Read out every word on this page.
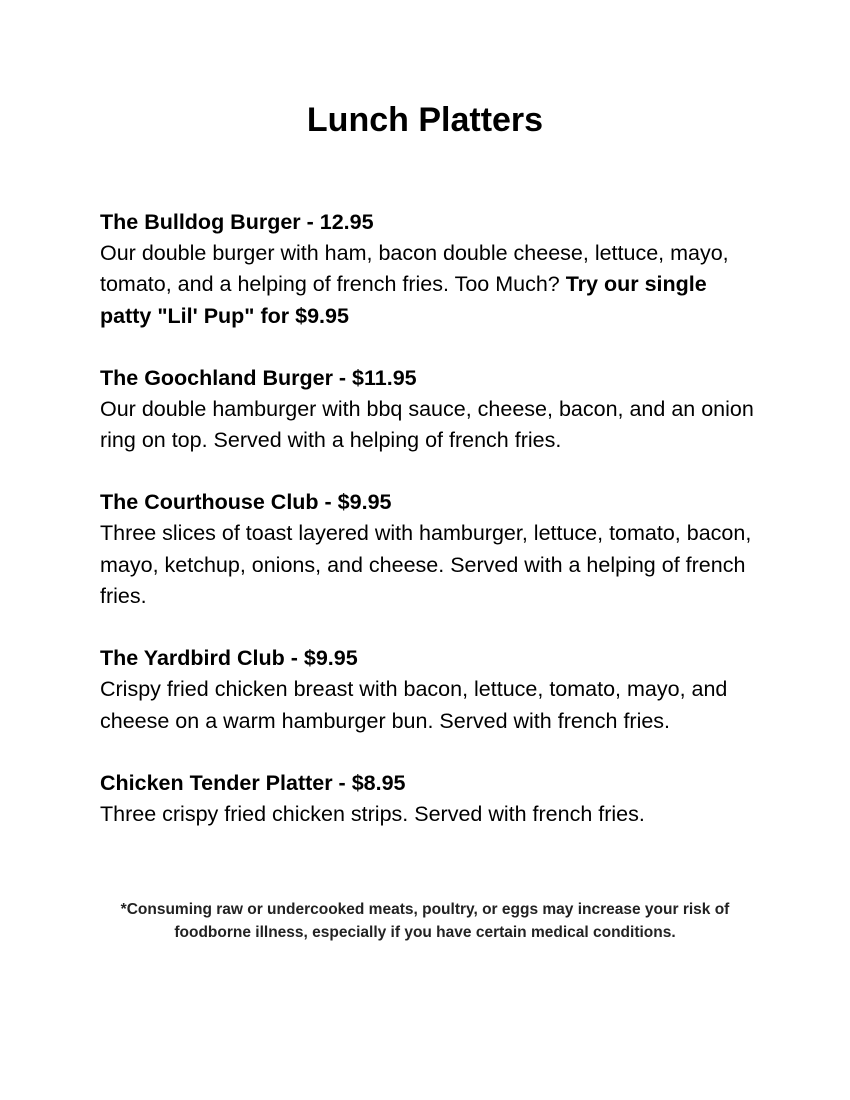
Lunch Platters

The Bulldog Burger - 12.95

Our double burger with ham, bacon double cheese, lettuce, mayo, tomato, and a helping of french fries. Too Much? Try our single patty "Lil' Pup" for $9.95

The Goochland Burger - $11.95

Our double hamburger with bbq sauce, cheese, bacon, and an onion ring on top. Served with a helping of french fries.

The Courthouse Club - $9.95

Three slices of toast layered with hamburger, lettuce, tomato, bacon, mayo, ketchup, onions, and cheese. Served with a helping of french fries.

The Yardbird Club - $9.95

Crispy fried chicken breast with bacon, lettuce, tomato, mayo, and cheese on a warm hamburger bun. Served with french fries.

Chicken Tender Platter - $8.95

Three crispy fried chicken strips. Served with french fries.

*Consuming raw or undercooked meats, poultry, or eggs may increase your risk of foodborne illness, especially if you have certain medical conditions.
